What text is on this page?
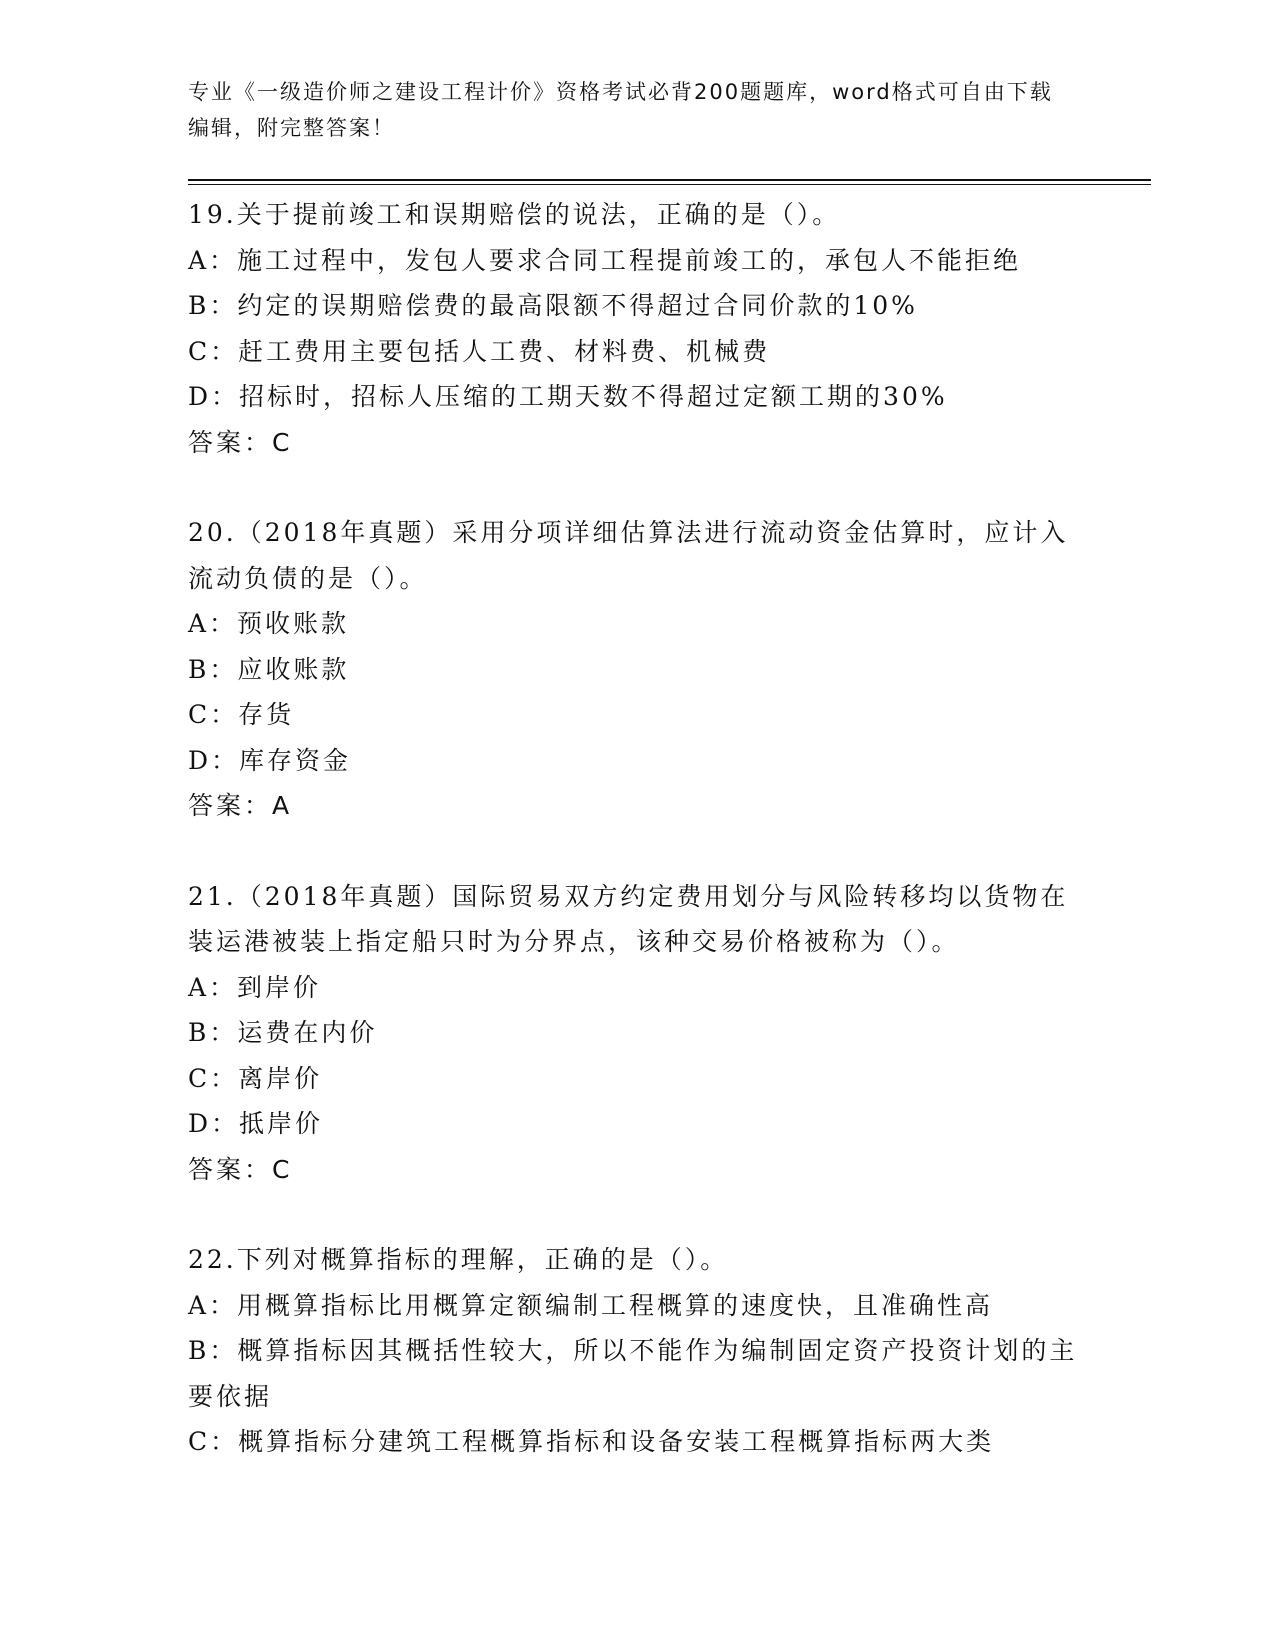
专业《一级造价师之建设工程计价》资格考试必背200题题库，word格式可自由下载编辑，附完整答案！
19.关于提前竣工和误期赔偿的说法，正确的是（）。
A：施工过程中，发包人要求合同工程提前竣工的，承包人不能拒绝
B：约定的误期赔偿费的最高限额不得超过合同价款的10%
C：赶工费用主要包括人工费、材料费、机械费
D：招标时，招标人压缩的工期天数不得超过定额工期的30%
答案：C
20.（2018年真题）采用分项详细估算法进行流动资金估算时，应计入流动负债的是（）。
A：预收账款
B：应收账款
C：存货
D：库存资金
答案：A
21.（2018年真题）国际贸易双方约定费用划分与风险转移均以货物在装运港被装上指定船只时为分界点，该种交易价格被称为（）。
A：到岸价
B：运费在内价
C：离岸价
D：抵岸价
答案：C
22.下列对概算指标的理解，正确的是（）。
A：用概算指标比用概算定额编制工程概算的速度快，且准确性高
B：概算指标因其概括性较大，所以不能作为编制固定资产投资计划的主要依据
C：概算指标分建筑工程概算指标和设备安装工程概算指标两大类
